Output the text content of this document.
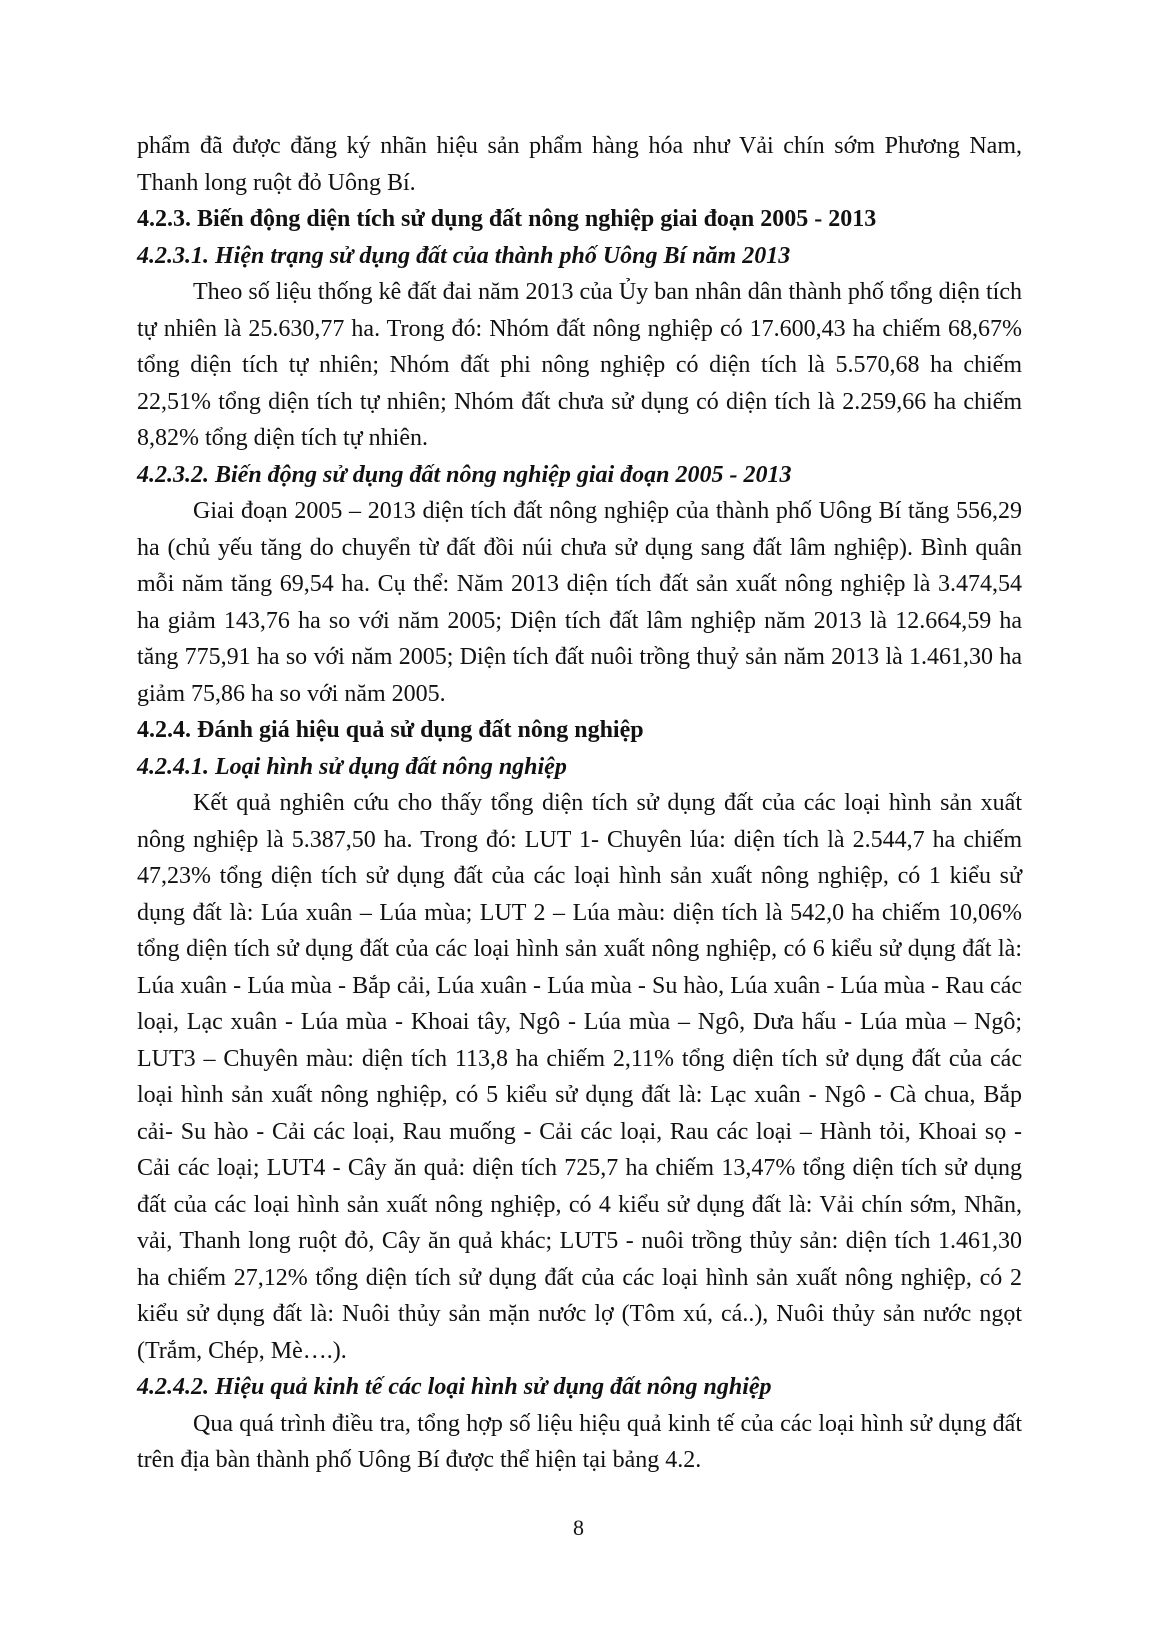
phẩm đã được đăng ký nhãn hiệu sản phẩm hàng hóa như Vải chín sớm Phương Nam, Thanh long ruột đỏ Uông Bí.

4.2.3. Biến động diện tích sử dụng đất nông nghiệp giai đoạn 2005 - 2013

4.2.3.1. Hiện trạng sử dụng đất của thành phố Uông Bí năm 2013

Theo số liệu thống kê đất đai năm 2013 của Ủy ban nhân dân thành phố tổng diện tích tự nhiên là 25.630,77 ha. Trong đó: Nhóm đất nông nghiệp có 17.600,43 ha chiếm 68,67% tổng diện tích tự nhiên; Nhóm đất phi nông nghiệp có diện tích là 5.570,68 ha chiếm 22,51% tổng diện tích tự nhiên; Nhóm đất chưa sử dụng có diện tích là 2.259,66 ha chiếm 8,82% tổng diện tích tự nhiên.

4.2.3.2. Biến động sử dụng đất nông nghiệp giai đoạn 2005 - 2013

Giai đoạn 2005 – 2013 diện tích đất nông nghiệp của thành phố Uông Bí tăng 556,29 ha (chủ yếu tăng do chuyển từ đất đồi núi chưa sử dụng sang đất lâm nghiệp). Bình quân mỗi năm tăng 69,54 ha. Cụ thể: Năm 2013 diện tích đất sản xuất nông nghiệp là 3.474,54 ha giảm 143,76 ha so với năm 2005; Diện tích đất lâm nghiệp năm 2013 là 12.664,59 ha tăng 775,91 ha so với năm 2005; Diện tích đất nuôi trồng thuỷ sản năm 2013 là 1.461,30 ha giảm 75,86 ha so với năm 2005.

4.2.4. Đánh giá hiệu quả sử dụng đất nông nghiệp

4.2.4.1. Loại hình sử dụng đất nông nghiệp

Kết quả nghiên cứu cho thấy tổng diện tích sử dụng đất của các loại hình sản xuất nông nghiệp là 5.387,50 ha. Trong đó: LUT 1- Chuyên lúa: diện tích là 2.544,7 ha chiếm 47,23% tổng diện tích sử dụng đất của các loại hình sản xuất nông nghiệp, có 1 kiểu sử dụng đất là: Lúa xuân – Lúa mùa; LUT 2 – Lúa màu: diện tích là 542,0 ha chiếm 10,06% tổng diện tích sử dụng đất của các loại hình sản xuất nông nghiệp, có 6 kiểu sử dụng đất là: Lúa xuân - Lúa mùa - Bắp cải, Lúa xuân - Lúa mùa - Su hào, Lúa xuân - Lúa mùa - Rau các loại, Lạc xuân - Lúa mùa - Khoai tây, Ngô - Lúa mùa – Ngô, Dưa hấu - Lúa mùa – Ngô; LUT3 – Chuyên màu: diện tích 113,8 ha chiếm 2,11% tổng diện tích sử dụng đất của các loại hình sản xuất nông nghiệp, có 5 kiểu sử dụng đất là: Lạc xuân - Ngô - Cà chua, Bắp cải- Su hào - Cải các loại, Rau muống - Cải các loại, Rau các loại – Hành tỏi, Khoai sọ - Cải các loại; LUT4 - Cây ăn quả: diện tích 725,7 ha chiếm 13,47% tổng diện tích sử dụng đất của các loại hình sản xuất nông nghiệp, có 4 kiểu sử dụng đất là: Vải chín sớm, Nhãn, vải, Thanh long ruột đỏ, Cây ăn quả khác; LUT5 - nuôi trồng thủy sản: diện tích 1.461,30 ha chiếm 27,12% tổng diện tích sử dụng đất của các loại hình sản xuất nông nghiệp, có 2 kiểu sử dụng đất là: Nuôi thủy sản mặn nước lợ (Tôm xú, cá..), Nuôi thủy sản nước ngọt (Trắm, Chép, Mè….).

4.2.4.2. Hiệu quả kinh tế các loại hình sử dụng đất nông nghiệp

Qua quá trình điều tra, tổng hợp số liệu hiệu quả kinh tế của các loại hình sử dụng đất trên địa bàn thành phố Uông Bí được thể hiện tại bảng 4.2.

8
